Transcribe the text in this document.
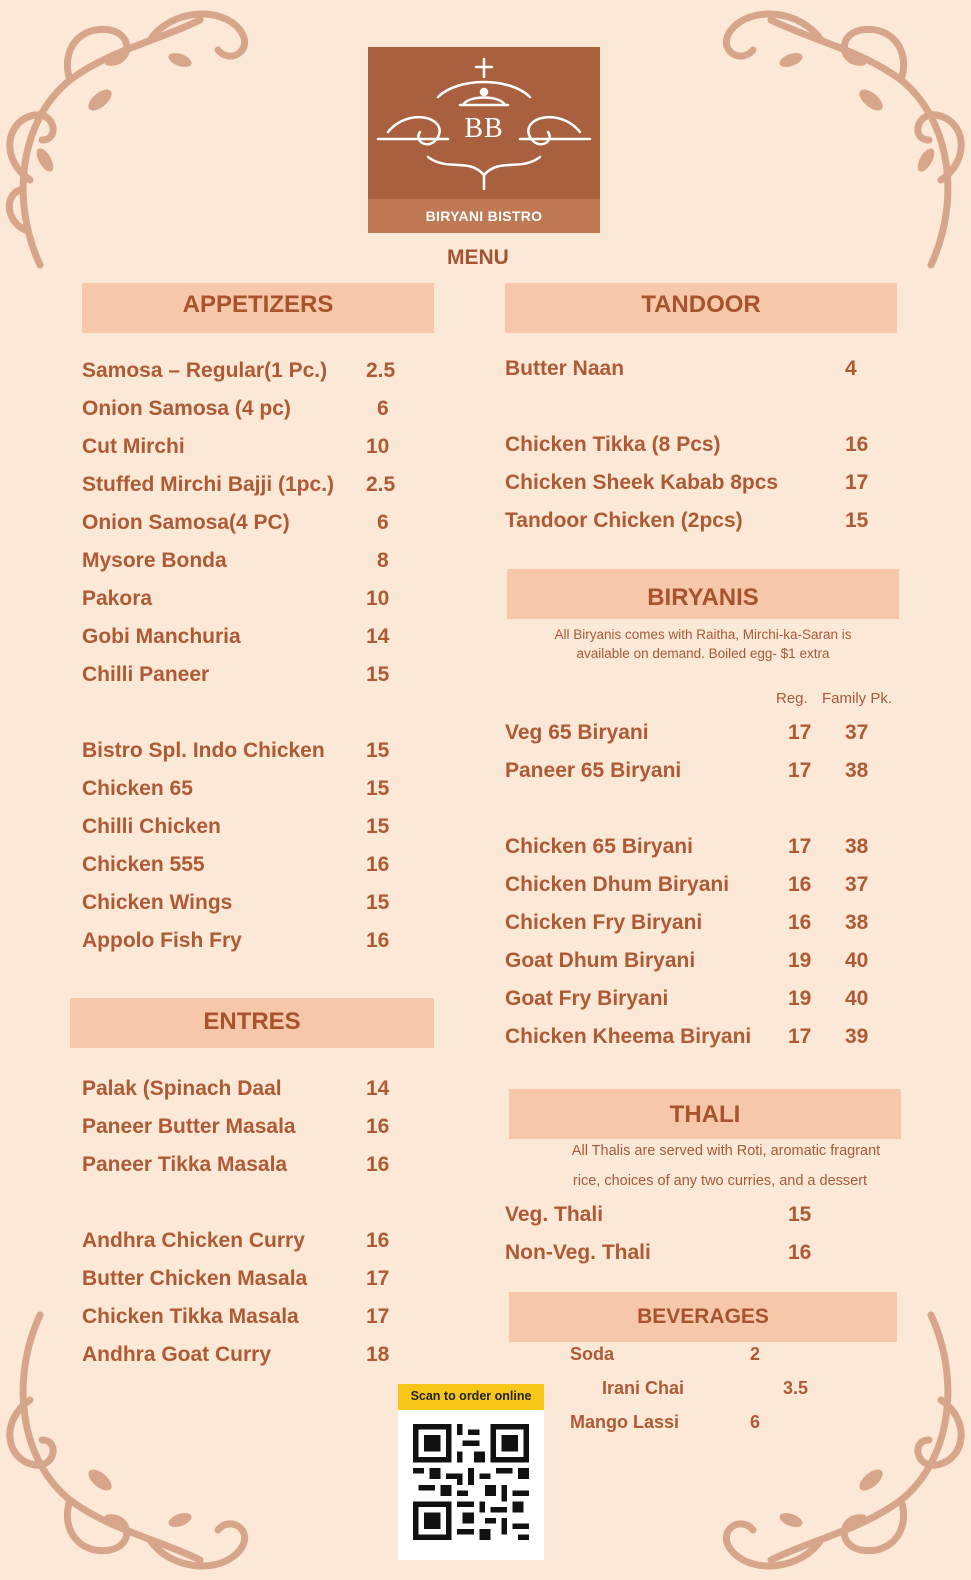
BB
BIRYANI BISTRO
MENU
APPETIZERS
Samosa – Regular(1 Pc.) 2.5
Onion Samosa (4 pc)	6
Cut Mirchi	10
Stuffed Mirchi Bajji (1pc.) 2.5
Onion Samosa(4 PC)	6
Mysore Bonda	8
Pakora	10
Gobi Manchuria	14
Chilli Paneer	15
Bistro Spl. Indo Chicken 15
Chicken 65	15
Chilli Chicken	15
Chicken 555	16
Chicken Wings	15
Appolo Fish Fry	16
ENTRES
Palak (Spinach Daal	14
Paneer Butter Masala	16
Paneer Tikka Masala	16
Andhra Chicken Curry	16
Butter Chicken Masala	17
Chicken Tikka Masala	17
Andhra Goat Curry	18
TANDOOR
Butter Naan	4
Chicken Tikka (8 Pcs)	16
Chicken Sheek Kabab 8pcs	17
Tandoor Chicken (2pcs)	15
BIRYANIS
All Biryanis comes with Raitha, Mirchi-ka-Saran is
available on demand. Boiled egg- $1 extra
Reg. Family Pk.
Veg 65 Biryani	17 37
Paneer 65 Biryani	17 38
Chicken 65 Biryani	17 38
Chicken Dhum Biryani	16 37
Chicken Fry Biryani	16 38
Goat Dhum Biryani	19 40
Goat Fry Biryani	19 40
Chicken Kheema Biryani 17 39
THALI
All Thalis are served with Roti, aromatic fragrant
rice, choices of any two curries, and a dessert
Veg. Thali	15
Non-Veg. Thali	16
BEVERAGES
Soda	2
Irani Chai	3.5
Mango Lassi	6
Scan to order online
